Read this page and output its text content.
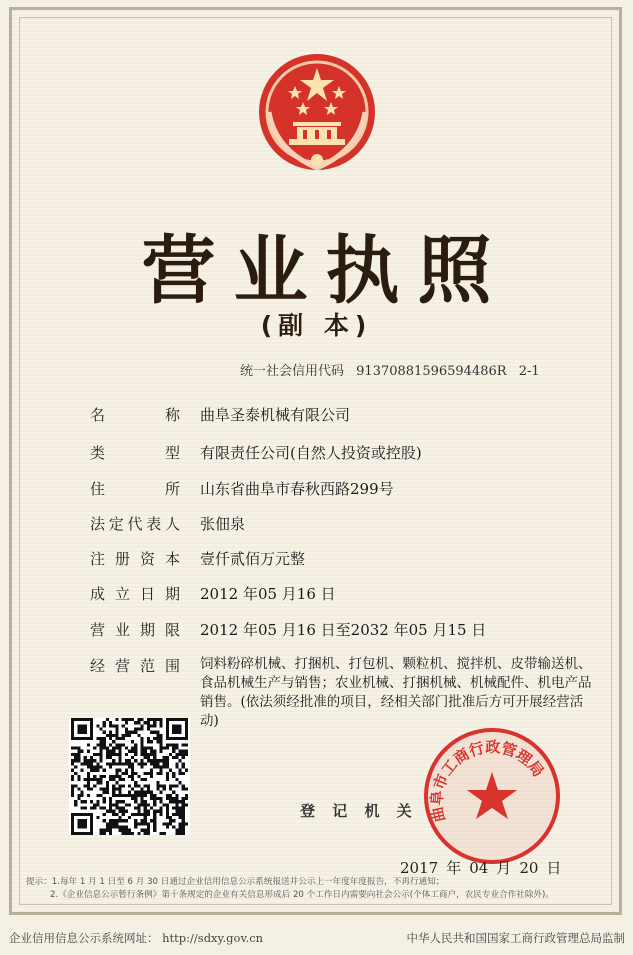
营业执照
(副 本)
统一社会信用代码 91370881596594486R 2-1
名 称 曲阜圣泰机械有限公司
类 型 有限责任公司(自然人投资或控股)
住 所 山东省曲阜市春秋西路299号
法定代表人 张佃泉
注册资本 壹仟贰佰万元整
成立日期 2012 年05 月16 日
营业期限 2012 年05 月16 日至2032 年05 月15 日
经营范围 饲料粉碎机械、打捆机、打包机、颗粒机、搅拌机、皮带输送机、食品机械生产与销售；农业机械、打捆机械、机械配件、机电产品销售。(依法须经批准的项目，经相关部门批准后方可开展经营活动)
登 记 机 关 曲阜市工商行政管理局
2017 年 04 月 20 日
提示：1.每年 1 月 1 日至 6 月 30 日通过企业信用信息公示系统报送并公示上一年度年度报告，不再行通知；
2.《企业信息公示暂行条例》第十条规定的企业有关信息形成后 20 个工作日内需要向社会公示(个体工商户，农民专业合作社除外)。
企业信用信息公示系统网址： http://sdxy.gov.cn	中华人民共和国国家工商行政管理总局监制
